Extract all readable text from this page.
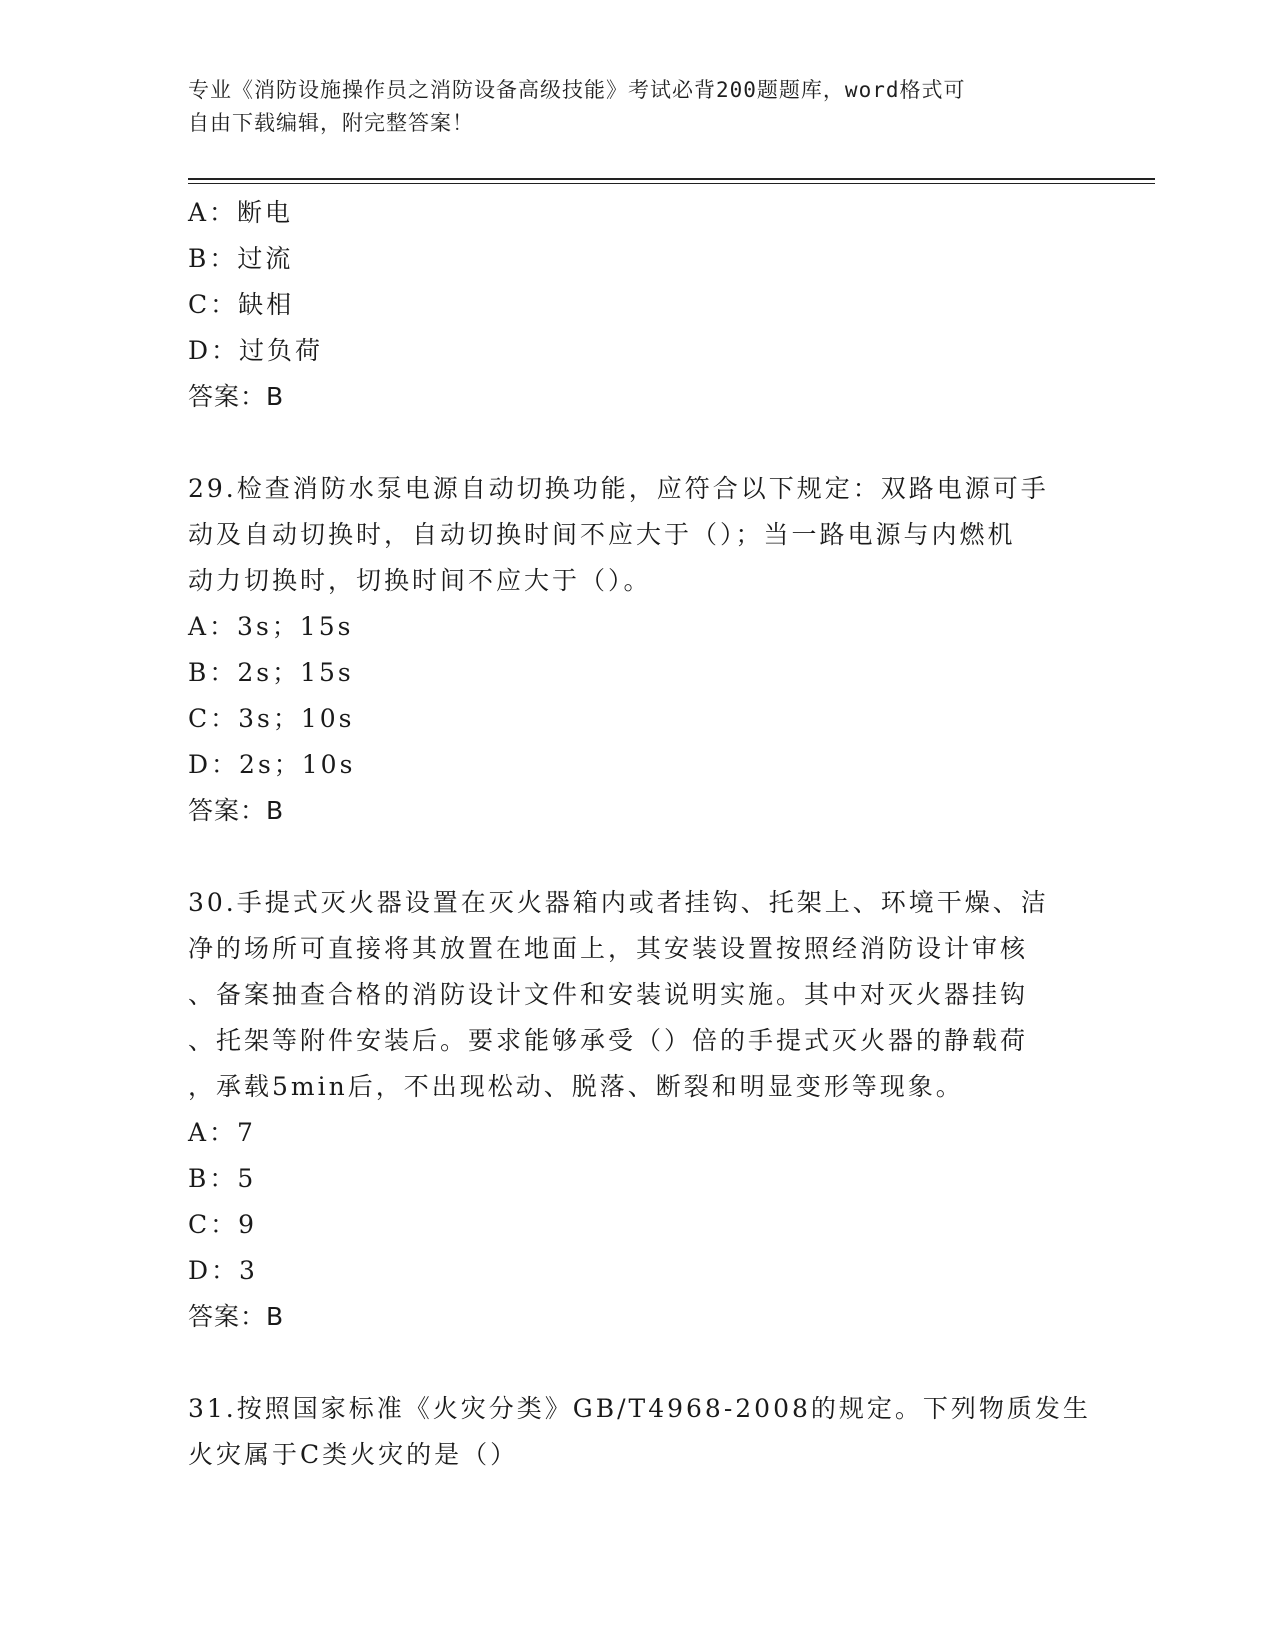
专业《消防设施操作员之消防设备高级技能》考试必背200题题库，word格式可
自由下载编辑，附完整答案！

A：断电

B：过流

C：缺相

D：过负荷

答案：B

29.检查消防水泵电源自动切换功能，应符合以下规定：双路电源可手

动及自动切换时，自动切换时间不应大于（）；当一路电源与内燃机

动力切换时，切换时间不应大于（）。

A：3s；15s

B：2s；15s

C：3s；10s

D：2s；10s

答案：B

30.手提式灭火器设置在灭火器箱内或者挂钩、托架上、环境干燥、洁

净的场所可直接将其放置在地面上，其安装设置按照经消防设计审核

、备案抽查合格的消防设计文件和安装说明实施。其中对灭火器挂钩

、托架等附件安装后。要求能够承受（）倍的手提式灭火器的静载荷

，承载5min后，不出现松动、脱落、断裂和明显变形等现象。

A：7

B：5

C：9

D：3

答案：B

31.按照国家标准《火灾分类》GB/T4968-2008的规定。下列物质发生

火灾属于C类火灾的是（）
